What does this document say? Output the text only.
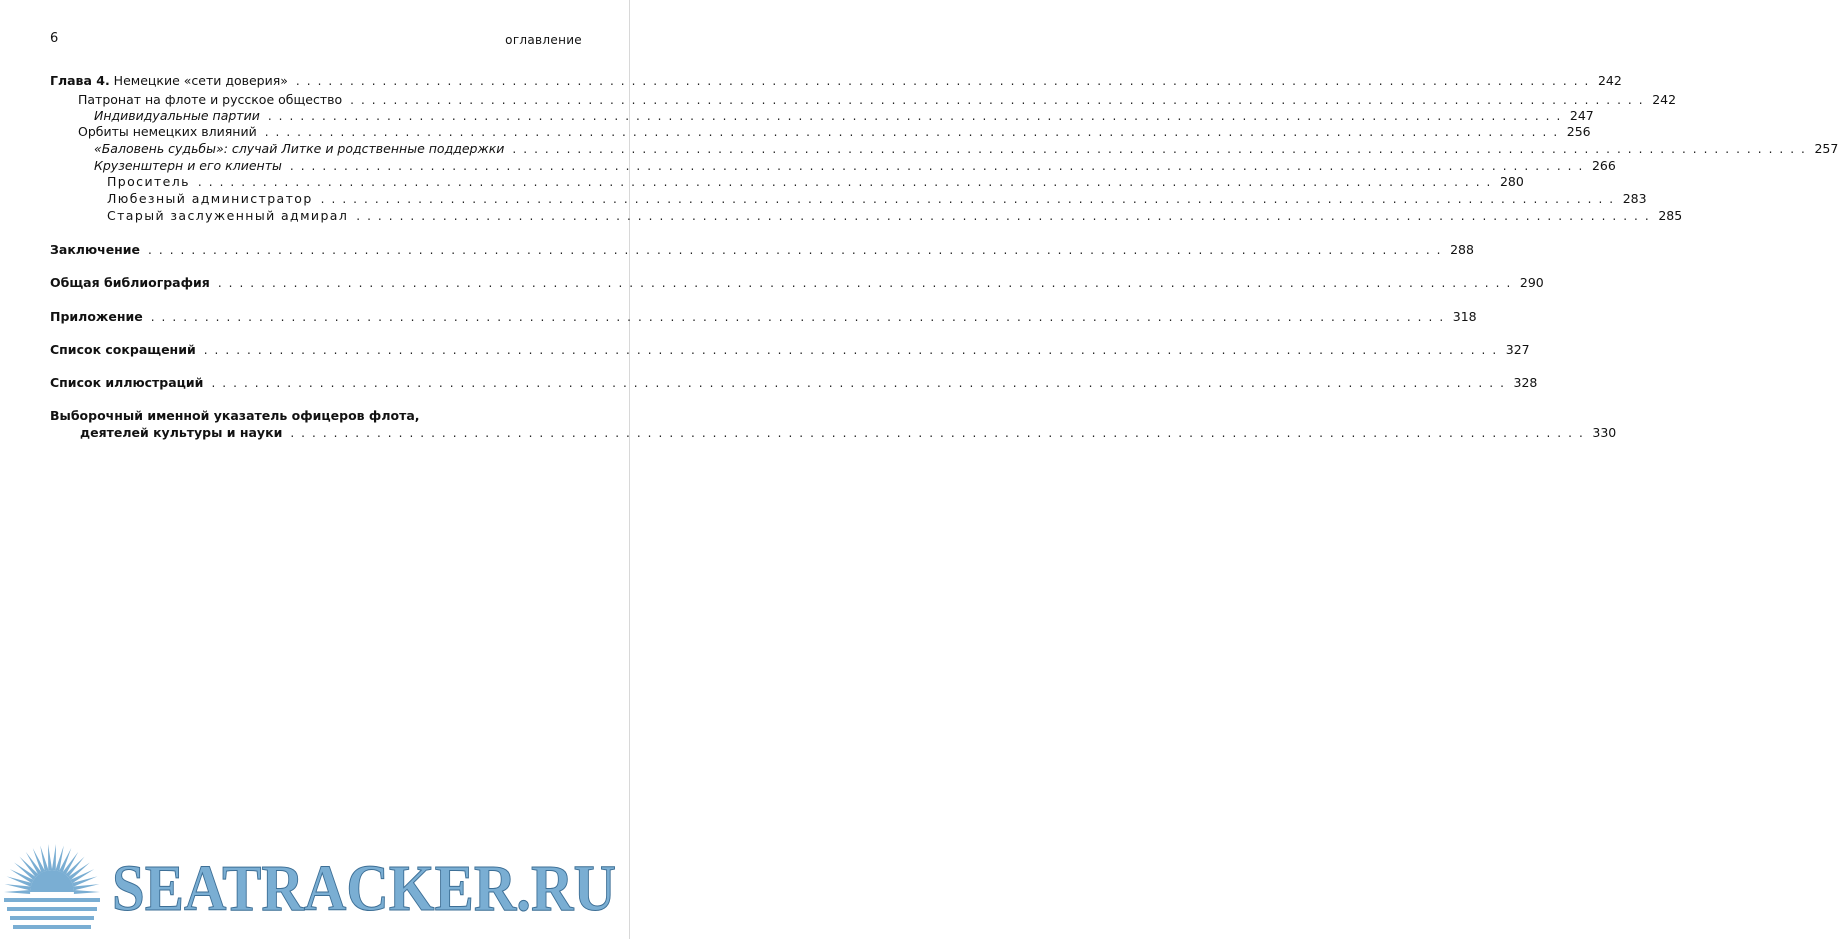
6	оглавление
Глава 4. Немецкие «сети доверия» . . . . . . . . . . . . . . . . . . . . . . . . . . . . . . . . . . . . . . . . . . . . . . . . . . . . . . . . . . . . . . . . . . . . . . . . . . . . . . . . . . . . . . . . . . . . . . . . . . . . . . . . . . . . . . . . . . . . . . . . 242
Патронат на флоте и русское общество . . . . . . . . . . . . . . . . . . . . . . . . . . . . . . . . . . . . . . . . . . . . . . . . . . . . . . . . . . . . . . . . . . . . . . . . . . . . . . . . . . . . . . . . . . . . . . . . . . . . . . . . . . . . . . . . . . . . . . . . 242
Индивидуальные партии . . . . . . . . . . . . . . . . . . . . . . . . . . . . . . . . . . . . . . . . . . . . . . . . . . . . . . . . . . . . . . . . . . . . . . . . . . . . . . . . . . . . . . . . . . . . . . . . . . . . . . . . . . . . . . . . . . . . . . . . 247
Орбиты немецких влияний . . . . . . . . . . . . . . . . . . . . . . . . . . . . . . . . . . . . . . . . . . . . . . . . . . . . . . . . . . . . . . . . . . . . . . . . . . . . . . . . . . . . . . . . . . . . . . . . . . . . . . . . . . . . . . . . . . . . . . . . 256
«Баловень судьбы»: случай Литке и родственные поддержки . . . . . . . . . . . . . . . . . . . . . . . . . . . . . . . . . . . . . . . . . . . . . . . . . . . . . . . . . . . . . . . . . . . . . . . . . . . . . . . . . . . . . . . . . . . . . . . . . . . . . . . . . . . . . . . . . . . . . . . . 257
Крузенштерн и его клиенты . . . . . . . . . . . . . . . . . . . . . . . . . . . . . . . . . . . . . . . . . . . . . . . . . . . . . . . . . . . . . . . . . . . . . . . . . . . . . . . . . . . . . . . . . . . . . . . . . . . . . . . . . . . . . . . . . . . . . . . . 266
Проситель . . . . . . . . . . . . . . . . . . . . . . . . . . . . . . . . . . . . . . . . . . . . . . . . . . . . . . . . . . . . . . . . . . . . . . . . . . . . . . . . . . . . . . . . . . . . . . . . . . . . . . . . . . . . . . . . . . . . . . . . 280
Любезный администратор . . . . . . . . . . . . . . . . . . . . . . . . . . . . . . . . . . . . . . . . . . . . . . . . . . . . . . . . . . . . . . . . . . . . . . . . . . . . . . . . . . . . . . . . . . . . . . . . . . . . . . . . . . . . . . . . . . . . . . . . 283
Старый заслуженный адмирал . . . . . . . . . . . . . . . . . . . . . . . . . . . . . . . . . . . . . . . . . . . . . . . . . . . . . . . . . . . . . . . . . . . . . . . . . . . . . . . . . . . . . . . . . . . . . . . . . . . . . . . . . . . . . . . . . . . . . . . . 285
Заключение . . . . . . . . . . . . . . . . . . . . . . . . . . . . . . . . . . . . . . . . . . . . . . . . . . . . . . . . . . . . . . . . . . . . . . . . . . . . . . . . . . . . . . . . . . . . . . . . . . . . . . . . . . . . . . . . . . . . . . . . 288
Общая библиография . . . . . . . . . . . . . . . . . . . . . . . . . . . . . . . . . . . . . . . . . . . . . . . . . . . . . . . . . . . . . . . . . . . . . . . . . . . . . . . . . . . . . . . . . . . . . . . . . . . . . . . . . . . . . . . . . . . . . . . . 290
Приложение . . . . . . . . . . . . . . . . . . . . . . . . . . . . . . . . . . . . . . . . . . . . . . . . . . . . . . . . . . . . . . . . . . . . . . . . . . . . . . . . . . . . . . . . . . . . . . . . . . . . . . . . . . . . . . . . . . . . . . . . 318
Список сокращений . . . . . . . . . . . . . . . . . . . . . . . . . . . . . . . . . . . . . . . . . . . . . . . . . . . . . . . . . . . . . . . . . . . . . . . . . . . . . . . . . . . . . . . . . . . . . . . . . . . . . . . . . . . . . . . . . . . . . . . . 327
Список иллюстраций . . . . . . . . . . . . . . . . . . . . . . . . . . . . . . . . . . . . . . . . . . . . . . . . . . . . . . . . . . . . . . . . . . . . . . . . . . . . . . . . . . . . . . . . . . . . . . . . . . . . . . . . . . . . . . . . . . . . . . . . 328
Выборочный именной указатель офицеров флота,
деятелей культуры и науки . . . . . . . . . . . . . . . . . . . . . . . . . . . . . . . . . . . . . . . . . . . . . . . . . . . . . . . . . . . . . . . . . . . . . . . . . . . . . . . . . . . . . . . . . . . . . . . . . . . . . . . . . . . . . . . . . . . . . . . . 330
SEATRACKER.RU
